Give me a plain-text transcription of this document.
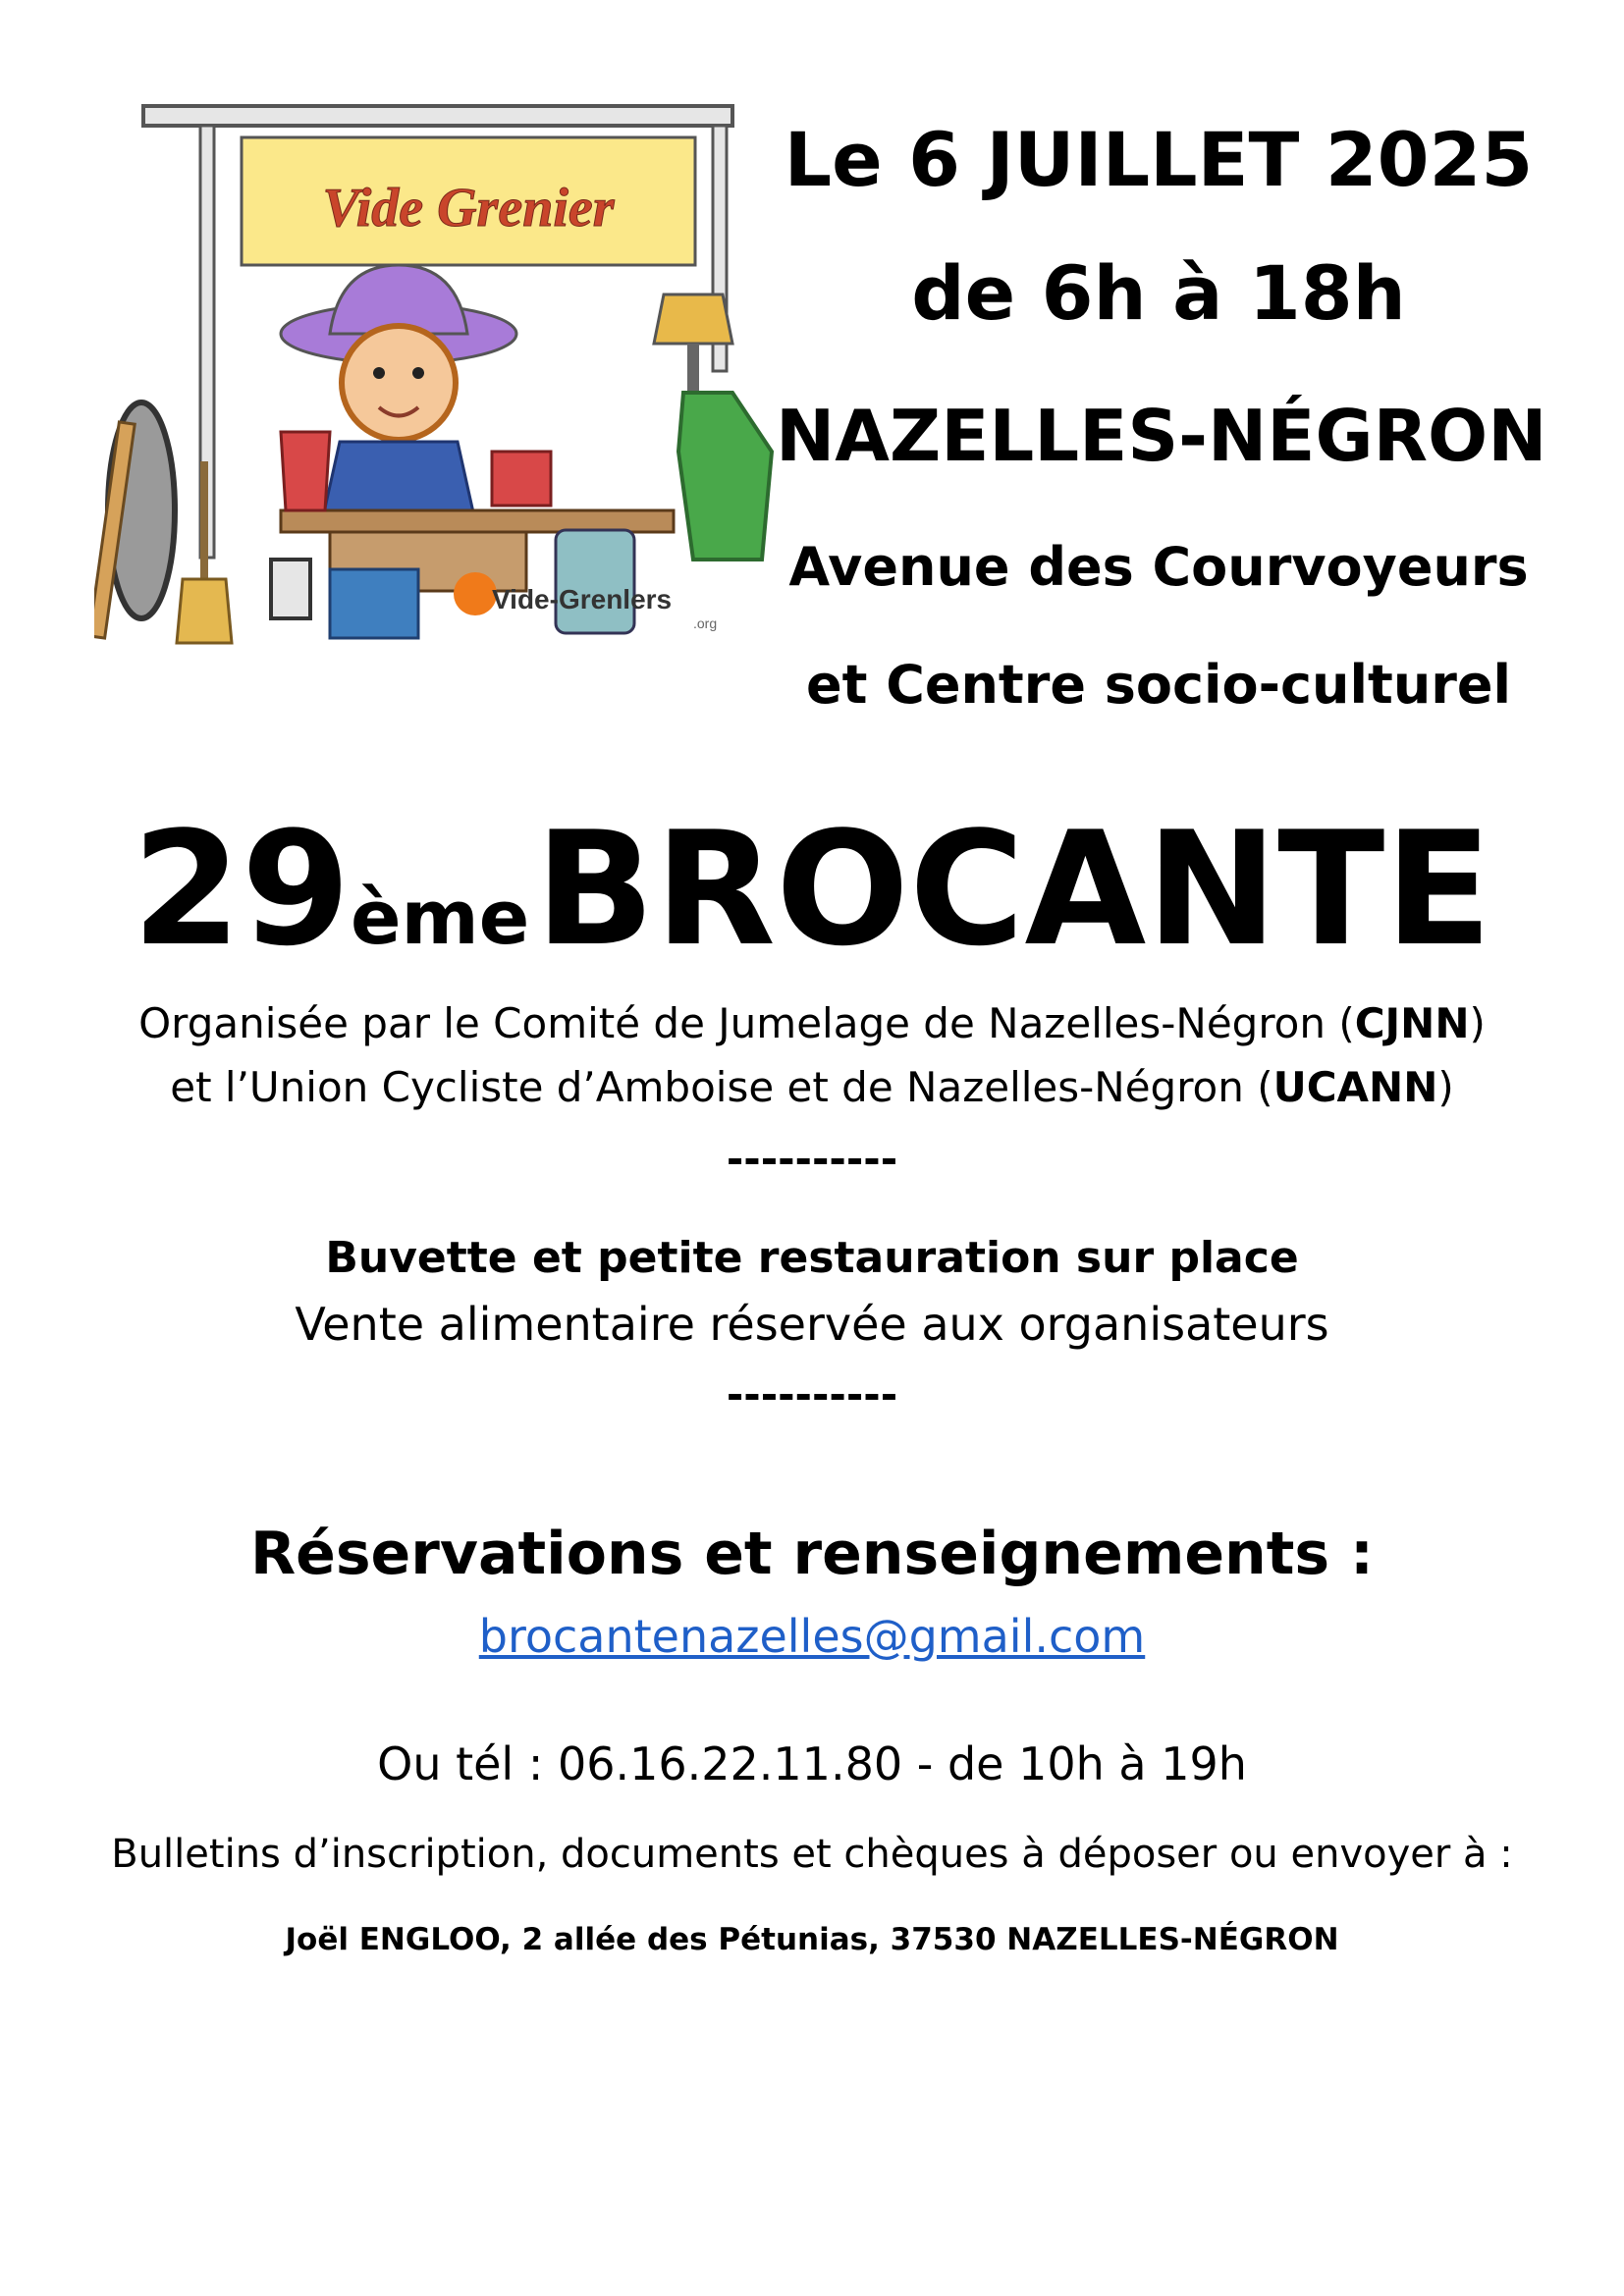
Vide Grenier
Vide-Grenlers
.org
Le 6 JUILLET 2025
de 6h à 18h
NAZELLES-NÉGRON
Avenue des Courvoyeurs
et Centre socio-culturel
29ème BROCANTE
Organisée par le Comité de Jumelage de Nazelles-Négron (CJNN)
et l’Union Cycliste d’Amboise et de Nazelles-Négron (UCANN)
----------
Buvette et petite restauration sur place
Vente alimentaire réservée aux organisateurs
----------
Réservations et renseignements :
brocantenazelles@gmail.com
Ou tél : 06.16.22.11.80 - de 10h à 19h
Bulletins d’inscription, documents et chèques à déposer ou envoyer à :
Joël ENGLOO, 2 allée des Pétunias, 37530 NAZELLES-NÉGRON
